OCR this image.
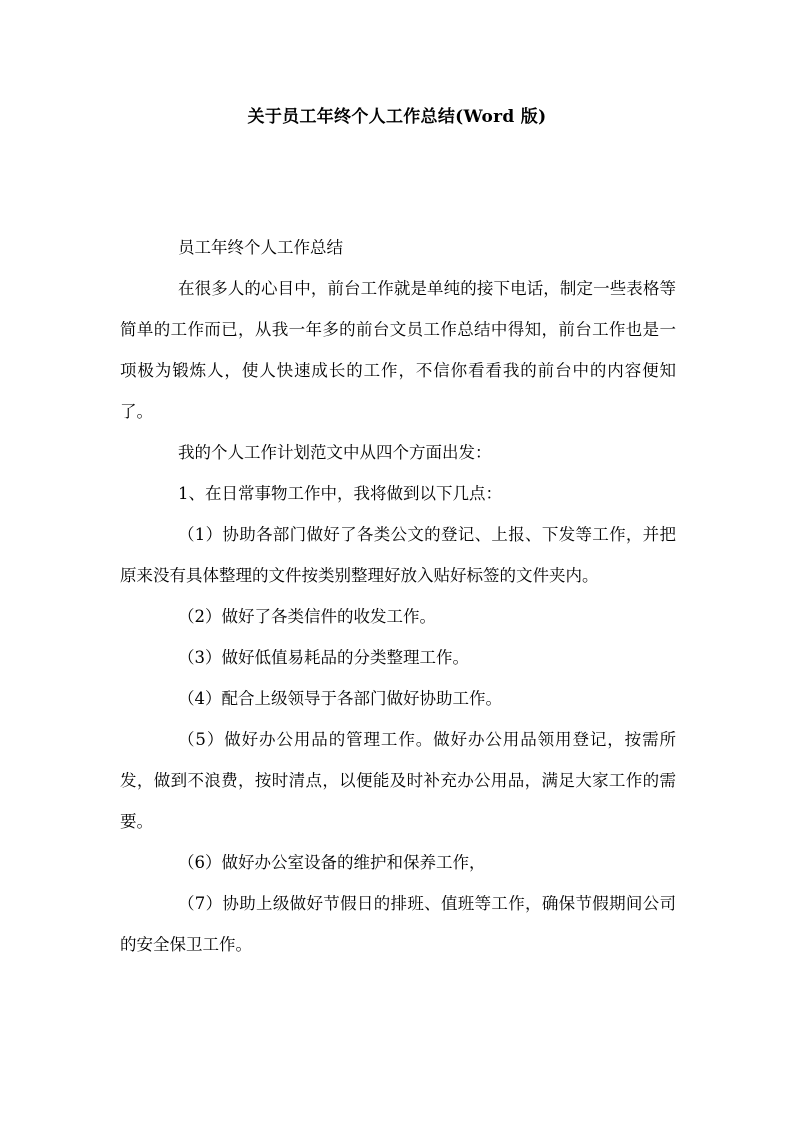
关于员工年终个人工作总结(Word 版)

员工年终个人工作总结

在很多人的心目中，前台工作就是单纯的接下电话，制定一些表格等简单的工作而已，从我一年多的前台文员工作总结中得知，前台工作也是一项极为锻炼人，使人快速成长的工作，不信你看看我的前台中的内容便知了。

我的个人工作计划范文中从四个方面出发：

1、在日常事物工作中，我将做到以下几点：

（1）协助各部门做好了各类公文的登记、上报、下发等工作，并把原来没有具体整理的文件按类别整理好放入贴好标签的文件夹内。

（2）做好了各类信件的收发工作。

（3）做好低值易耗品的分类整理工作。

（4）配合上级领导于各部门做好协助工作。

（5）做好办公用品的管理工作。做好办公用品领用登记，按需所发，做到不浪费，按时清点，以便能及时补充办公用品，满足大家工作的需要。

（6）做好办公室设备的维护和保养工作，

（7）协助上级做好节假日的排班、值班等工作，确保节假期间公司的安全保卫工作。
